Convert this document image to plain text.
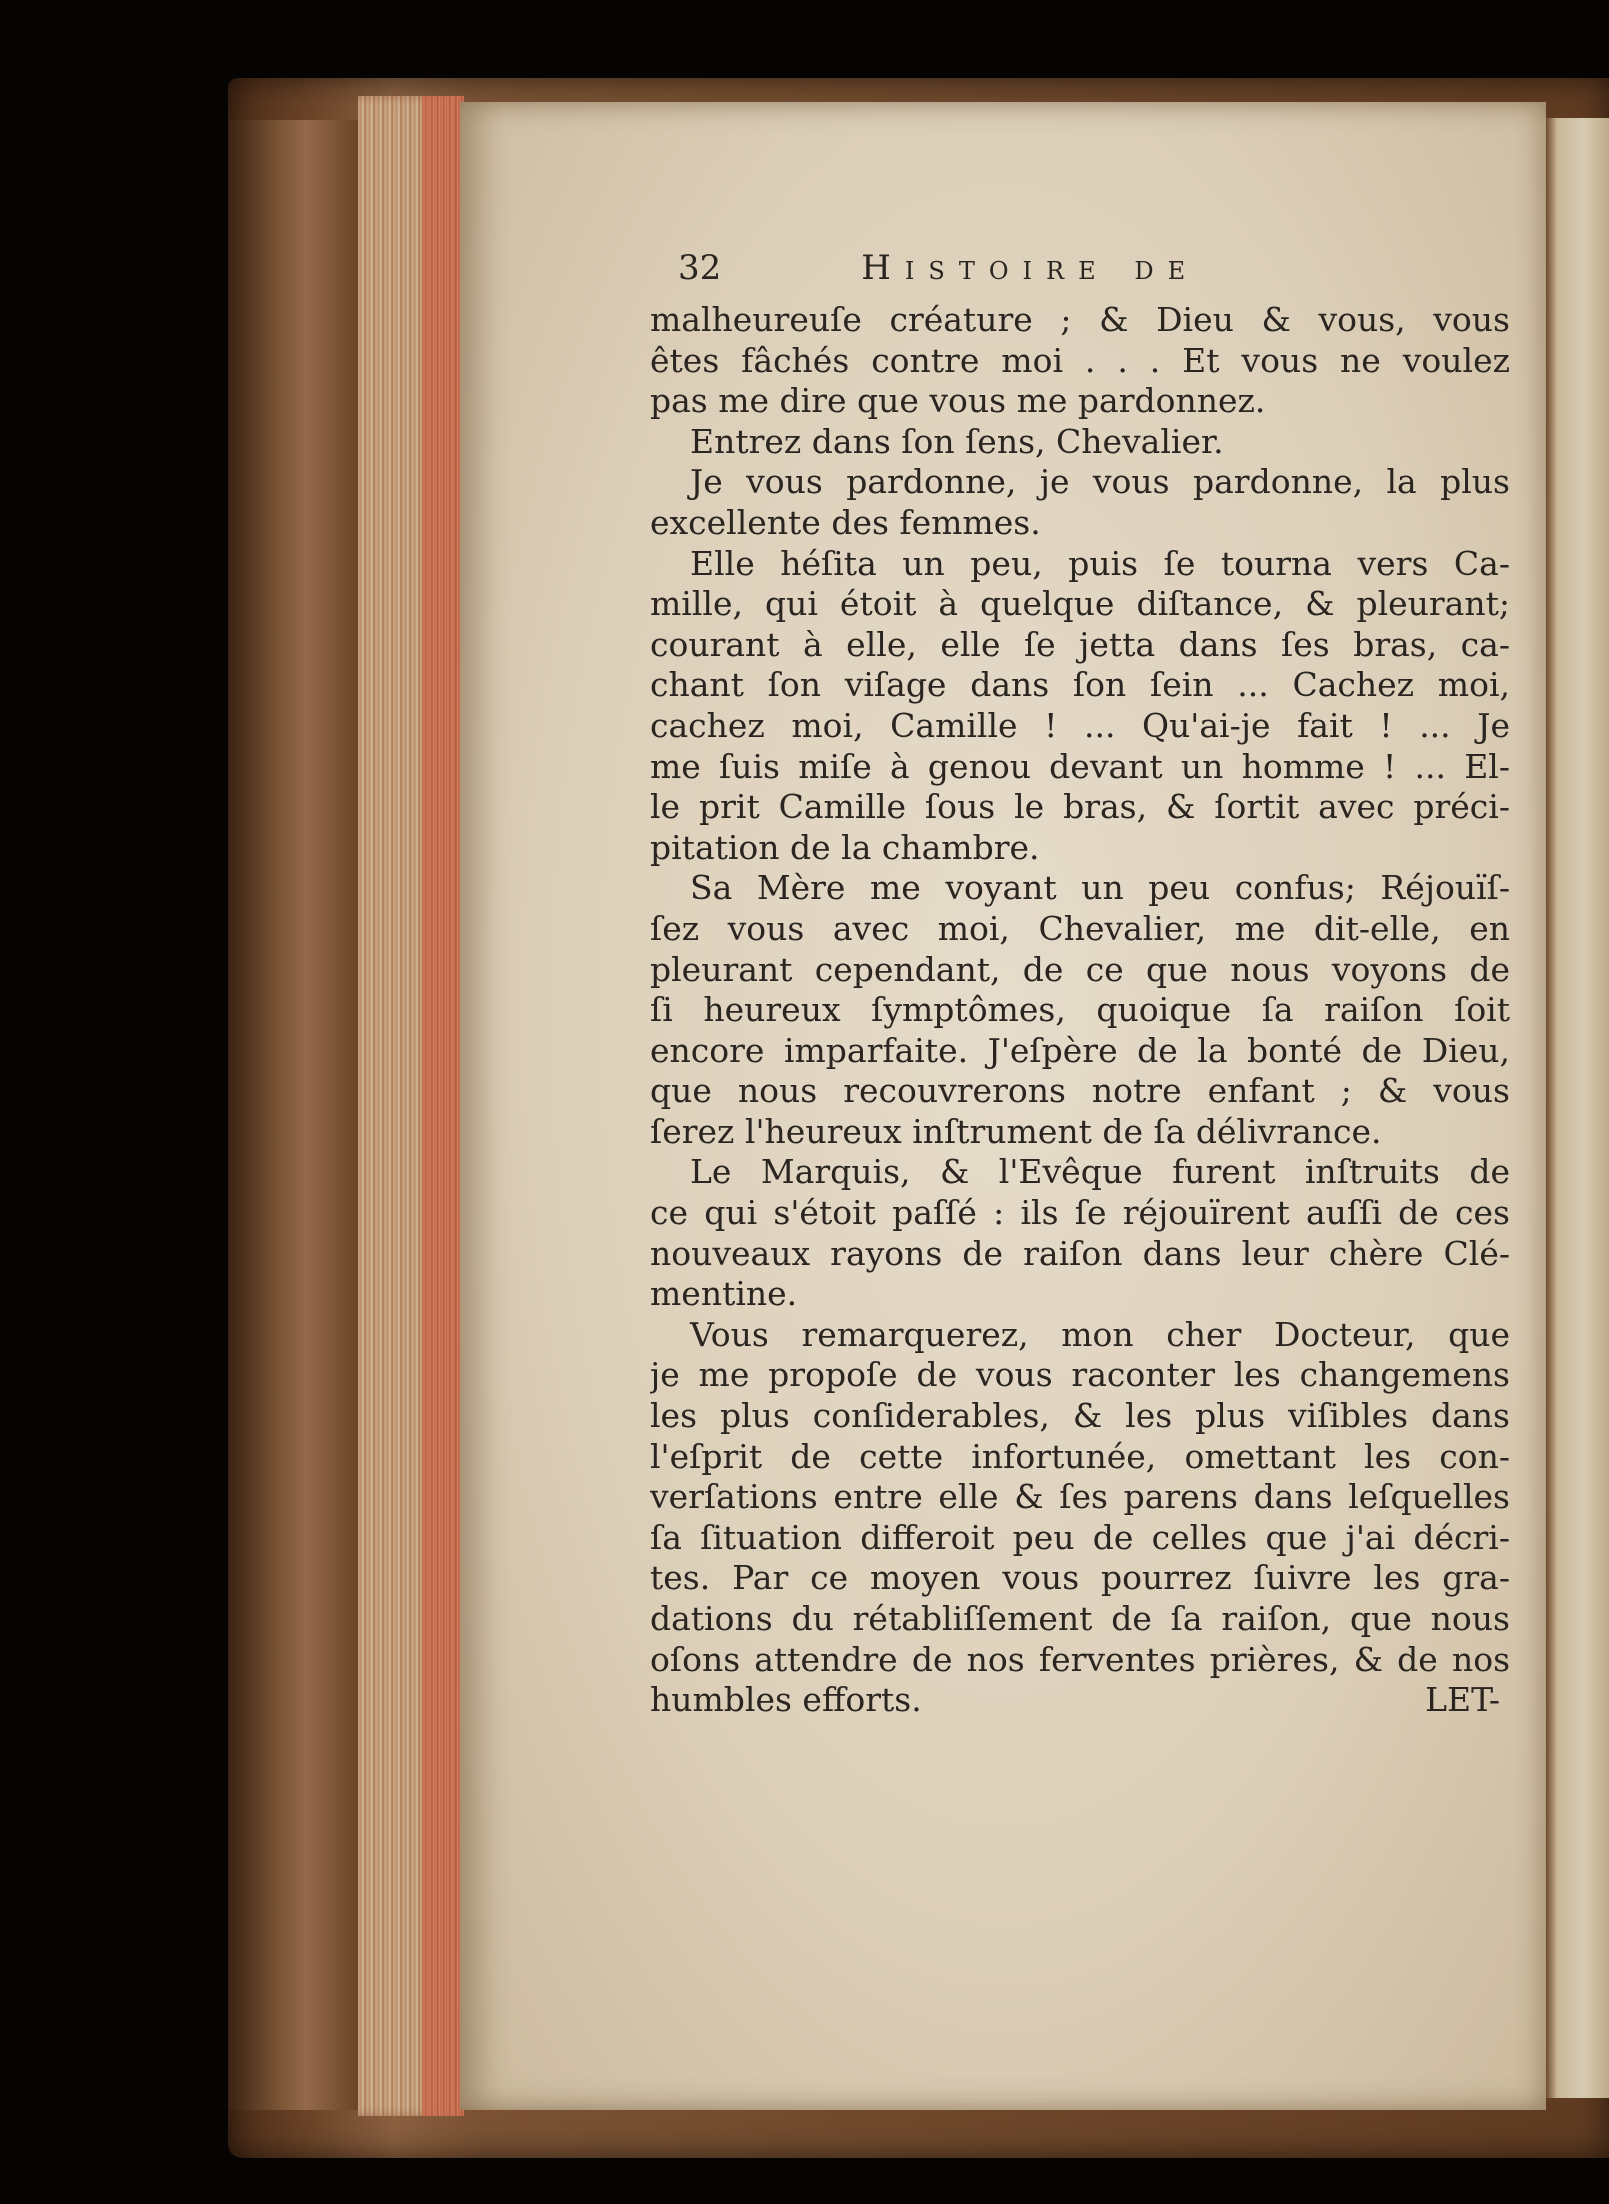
32	Histoire de
malheureuſe créature ; & Dieu & vous, vous
êtes fâchés contre moi . . . Et vous ne voulez
pas me dire que vous me pardonnez.
Entrez dans ſon ſens, Chevalier.
Je vous pardonne, je vous pardonne, la plus
excellente des femmes.
Elle héſita un peu, puis ſe tourna vers Ca-
mille, qui étoit à quelque diſtance, & pleurant;
courant à elle, elle ſe jetta dans ſes bras, ca-
chant ſon viſage dans ſon ſein ... Cachez moi,
cachez moi, Camille ! ... Qu'ai-je fait ! ... Je
me ſuis miſe à genou devant un homme ! ... El-
le prit Camille ſous le bras, & ſortit avec préci-
pitation de la chambre.
Sa Mère me voyant un peu confus; Réjouïſ-
ſez vous avec moi, Chevalier, me dit-elle, en
pleurant cependant, de ce que nous voyons de
ſi heureux ſymptômes, quoique ſa raiſon ſoit
encore imparfaite. J'eſpère de la bonté de Dieu,
que nous recouvrerons notre enfant ; & vous
ſerez l'heureux inſtrument de ſa délivrance.
Le Marquis, & l'Evêque furent inſtruits de
ce qui s'étoit paſſé : ils ſe réjouïrent auſſi de ces
nouveaux rayons de raiſon dans leur chère Clé-
mentine.
Vous remarquerez, mon cher Docteur, que
je me propoſe de vous raconter les changemens
les plus conſiderables, & les plus viſibles dans
l'eſprit de cette infortunée, omettant les con-
verſations entre elle & ſes parens dans leſquelles
ſa ſituation differoit peu de celles que j'ai décri-
tes. Par ce moyen vous pourrez ſuivre les gra-
dations du rétabliſſement de ſa raiſon, que nous
oſons attendre de nos ferventes prières, & de nos
humbles efforts.	LET-
